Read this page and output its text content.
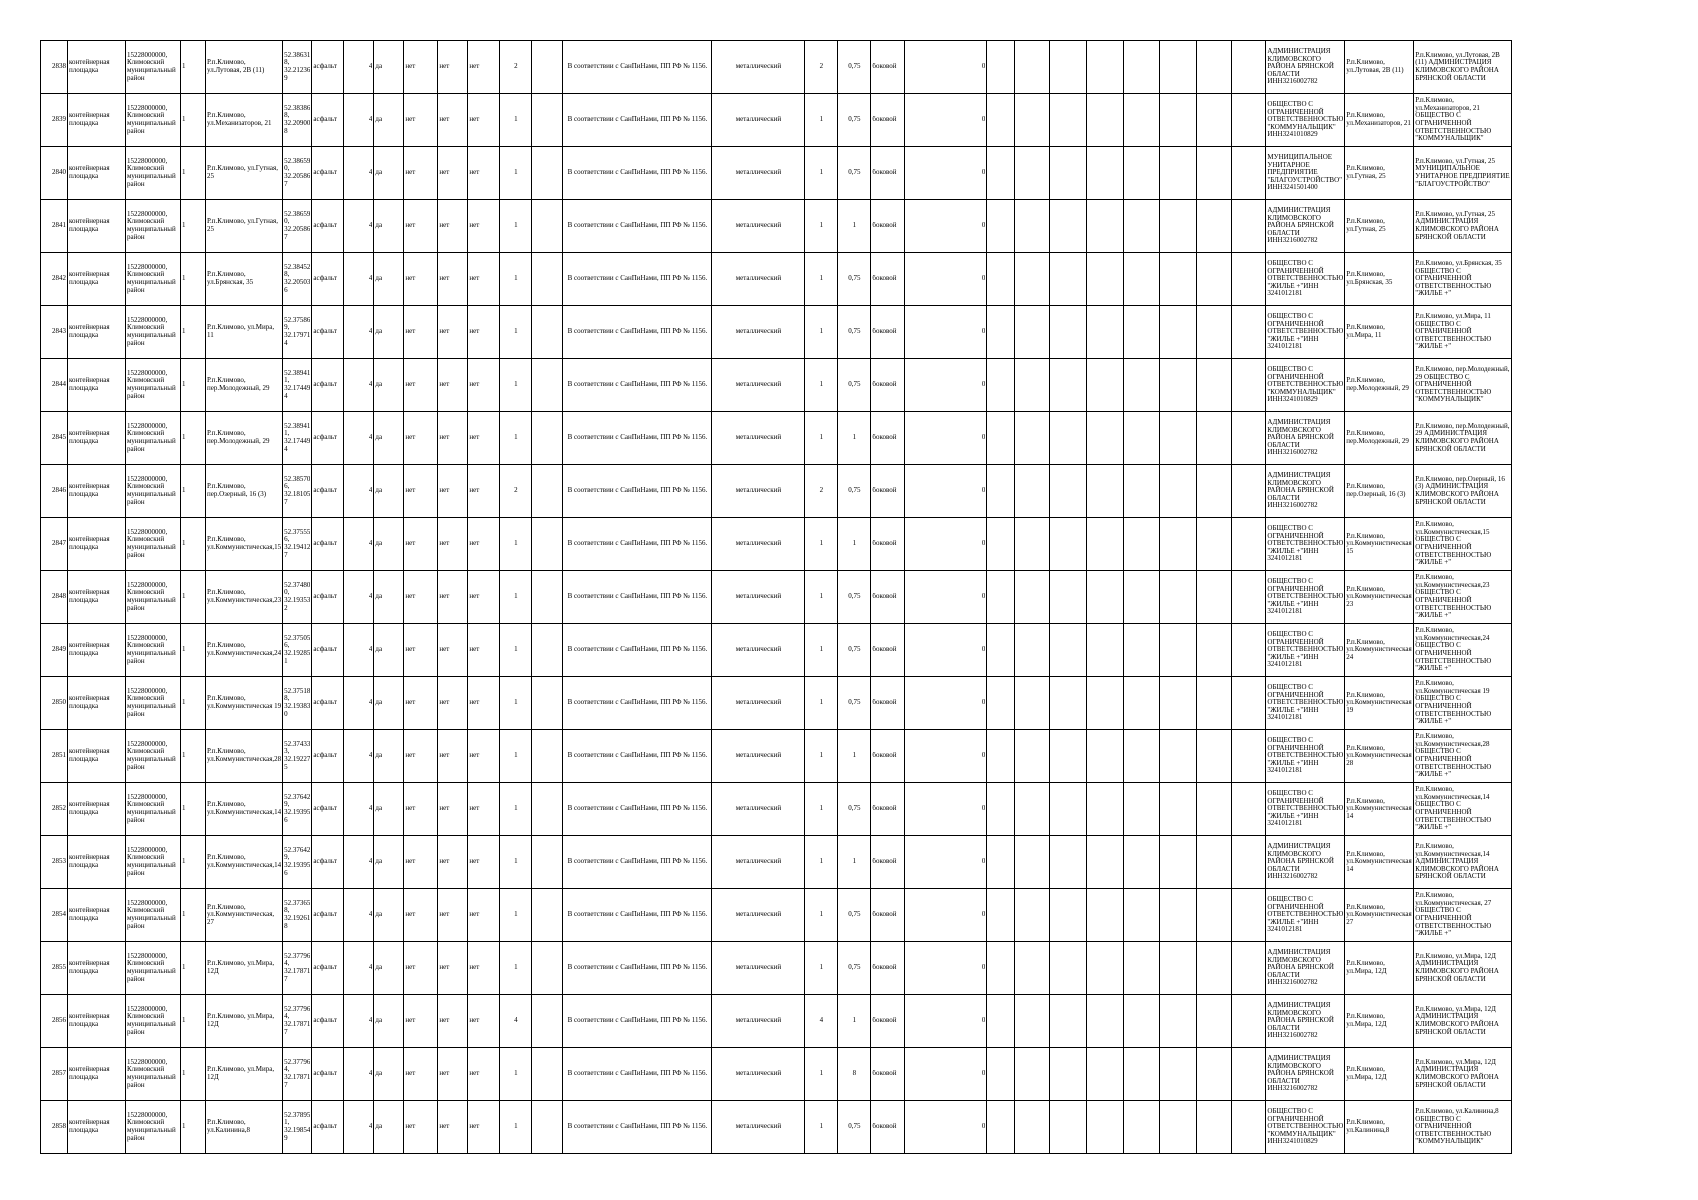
2838	контейнерная площадка	15228000000, Климовский муниципальный район	1	Р.п.Климово, ул.Лутовая, 2В (11)	52.38631 8, 32.21236 9	асфальт	4	да	нет	нет	нет	2		В соответствии с СанПиНами, ПП РФ № 1156.	металлический	2	0,75	боковой	0									АДМИНИСТРАЦИЯ КЛИМОВСКОГО РАЙОНА БРЯНСКОЙ ОБЛАСТИ ИНН3216002782	Р.п.Климово, ул.Лутовая, 2В (11)	Р.п.Климово, ул.Лутовая, 2В (11) АДМИНИСТРАЦИЯ КЛИМОВСКОГО РАЙОНА БРЯНСКОЙ ОБЛАСТИ

2839	контейнерная площадка	15228000000, Климовский муниципальный район	1	Р.п.Климово, ул.Механизаторов, 21	52.38386 8, 32.20900 8	асфальт	4	да	нет	нет	нет	1		В соответствии с СанПиНами, ПП РФ № 1156.	металлический	1	0,75	боковой	0									ОБЩЕСТВО С ОГРАНИЧЕННОЙ ОТВЕТСТВЕННОСТЬЮ "КОММУНАЛЬЩИК" ИНН3241010829	Р.п.Климово, ул.Механизаторов, 21	Р.п.Климово, ул.Механизаторов, 21 ОБЩЕСТВО С ОГРАНИЧЕННОЙ ОТВЕТСТВЕННОСТЬЮ "КОММУНАЛЬЩИК"

2840	контейнерная площадка	15228000000, Климовский муниципальный район	1	Р.п.Климово, ул.Гутная, 25	52.38659 0, 32.20586 7	асфальт	4	да	нет	нет	нет	1		В соответствии с СанПиНами, ПП РФ № 1156.	металлический	1	0,75	боковой	0									МУНИЦИПАЛЬНОЕ УНИТАРНОЕ ПРЕДПРИЯТИЕ "БЛАГОУСТРОЙСТВО" ИНН3241501400	Р.п.Климово, ул.Гутная, 25	Р.п.Климово, ул.Гутная, 25 МУНИЦИПАЛЬНОЕ УНИТАРНОЕ ПРЕДПРИЯТИЕ "БЛАГОУСТРОЙСТВО"

2841	контейнерная площадка	15228000000, Климовский муниципальный район	1	Р.п.Климово, ул.Гутная, 25	52.38659 0, 32.20586 7	асфальт	4	да	нет	нет	нет	1		В соответствии с СанПиНами, ПП РФ № 1156.	металлический	1	1	боковой	0									АДМИНИСТРАЦИЯ КЛИМОВСКОГО РАЙОНА БРЯНСКОЙ ОБЛАСТИ ИНН3216002782	Р.п.Климово, ул.Гутная, 25	Р.п.Климово, ул.Гутная, 25 АДМИНИСТРАЦИЯ КЛИМОВСКОГО РАЙОНА БРЯНСКОЙ ОБЛАСТИ

2842	контейнерная площадка	15228000000, Климовский муниципальный район	1	Р.п.Климово, ул.Брянская, 35	52.38452 8, 32.20503 6	асфальт	4	да	нет	нет	нет	1		В соответствии с СанПиНами, ПП РФ № 1156.	металлический	1	0,75	боковой	0									ОБЩЕСТВО С ОГРАНИЧЕННОЙ ОТВЕТСТВЕННОСТЬЮ "ЖИЛЬЕ +"ИНН 3241012181	Р.п.Климово, ул.Брянская, 35	Р.п.Климово, ул.Брянская, 35 ОБЩЕСТВО С ОГРАНИЧЕННОЙ ОТВЕТСТВЕННОСТЬЮ "ЖИЛЬЕ +"

2843	контейнерная площадка	15228000000, Климовский муниципальный район	1	Р.п.Климово, ул.Мира, 11	52.37586 9, 32.17971 4	асфальт	4	да	нет	нет	нет	1		В соответствии с СанПиНами, ПП РФ № 1156.	металлический	1	0,75	боковой	0									ОБЩЕСТВО С ОГРАНИЧЕННОЙ ОТВЕТСТВЕННОСТЬЮ "ЖИЛЬЕ +"ИНН 3241012181	Р.п.Климово, ул.Мира, 11	Р.п.Климово, ул.Мира, 11 ОБЩЕСТВО С ОГРАНИЧЕННОЙ ОТВЕТСТВЕННОСТЬЮ "ЖИЛЬЕ +"

2844	контейнерная площадка	15228000000, Климовский муниципальный район	1	Р.п.Климово, пер.Молодежный, 29	52.38941 1, 32.17449 4	асфальт	4	да	нет	нет	нет	1		В соответствии с СанПиНами, ПП РФ № 1156.	металлический	1	0,75	боковой	0									ОБЩЕСТВО С ОГРАНИЧЕННОЙ ОТВЕТСТВЕННОСТЬЮ "КОММУНАЛЬЩИК" ИНН3241010829	Р.п.Климово, пер.Молодежный, 29	Р.п.Климово, пер.Молодежный, 29 ОБЩЕСТВО С ОГРАНИЧЕННОЙ ОТВЕТСТВЕННОСТЬЮ "КОММУНАЛЬЩИК"

2845	контейнерная площадка	15228000000, Климовский муниципальный район	1	Р.п.Климово, пер.Молодежный, 29	52.38941 1, 32.17449 4	асфальт	4	да	нет	нет	нет	1		В соответствии с СанПиНами, ПП РФ № 1156.	металлический	1	1	боковой	0									АДМИНИСТРАЦИЯ КЛИМОВСКОГО РАЙОНА БРЯНСКОЙ ОБЛАСТИ ИНН3216002782	Р.п.Климово, пер.Молодежный, 29	Р.п.Климово, пер.Молодежный, 29 АДМИНИСТРАЦИЯ КЛИМОВСКОГО РАЙОНА БРЯНСКОЙ ОБЛАСТИ

2846	контейнерная площадка	15228000000, Климовский муниципальный район	1	Р.п.Климово, пер.Озерный, 16 (3)	52.38570 6, 32.18105 7	асфальт	4	да	нет	нет	нет	2		В соответствии с СанПиНами, ПП РФ № 1156.	металлический	2	0,75	боковой	0									АДМИНИСТРАЦИЯ КЛИМОВСКОГО РАЙОНА БРЯНСКОЙ ОБЛАСТИ ИНН3216002782	Р.п.Климово, пер.Озерный, 16 (3)	Р.п.Климово, пер.Озерный, 16 (3) АДМИНИСТРАЦИЯ КЛИМОВСКОГО РАЙОНА БРЯНСКОЙ ОБЛАСТИ

2847	контейнерная площадка	15228000000, Климовский муниципальный район	1	Р.п.Климово, ул.Коммунистическая,15	52.37555 6, 32.19412 7	асфальт	4	да	нет	нет	нет	1		В соответствии с СанПиНами, ПП РФ № 1156.	металлический	1	1	боковой	0									ОБЩЕСТВО С ОГРАНИЧЕННОЙ ОТВЕТСТВЕННОСТЬЮ "ЖИЛЬЕ +"ИНН 3241012181	Р.п.Климово, ул.Коммунистическая 15	Р.п.Климово, ул.Коммунистическая,15 ОБЩЕСТВО С ОГРАНИЧЕННОЙ ОТВЕТСТВЕННОСТЬЮ "ЖИЛЬЕ +"

2848	контейнерная площадка	15228000000, Климовский муниципальный район	1	Р.п.Климово, ул.Коммунистическая,23	52.37480 0, 32.19353 2	асфальт	4	да	нет	нет	нет	1		В соответствии с СанПиНами, ПП РФ № 1156.	металлический	1	0,75	боковой	0									ОБЩЕСТВО С ОГРАНИЧЕННОЙ ОТВЕТСТВЕННОСТЬЮ "ЖИЛЬЕ +"ИНН 3241012181	Р.п.Климово, ул.Коммунистическая 23	Р.п.Климово, ул.Коммунистическая,23 ОБЩЕСТВО С ОГРАНИЧЕННОЙ ОТВЕТСТВЕННОСТЬЮ "ЖИЛЬЕ +"

2849	контейнерная площадка	15228000000, Климовский муниципальный район	1	Р.п.Климово, ул.Коммунистическая,24	52.37505 6, 32.19285 1	асфальт	4	да	нет	нет	нет	1		В соответствии с СанПиНами, ПП РФ № 1156.	металлический	1	0,75	боковой	0									ОБЩЕСТВО С ОГРАНИЧЕННОЙ ОТВЕТСТВЕННОСТЬЮ "ЖИЛЬЕ +"ИНН 3241012181	Р.п.Климово, ул.Коммунистическая 24	Р.п.Климово, ул.Коммунистическая,24 ОБЩЕСТВО С ОГРАНИЧЕННОЙ ОТВЕТСТВЕННОСТЬЮ "ЖИЛЬЕ +"

2850	контейнерная площадка	15228000000, Климовский муниципальный район	1	Р.п.Климово, ул.Коммунистическая 19	52.37518 8, 32.19383 0	асфальт	4	да	нет	нет	нет	1		В соответствии с СанПиНами, ПП РФ № 1156.	металлический	1	0,75	боковой	0									ОБЩЕСТВО С ОГРАНИЧЕННОЙ ОТВЕТСТВЕННОСТЬЮ "ЖИЛЬЕ +"ИНН 3241012181	Р.п.Климово, ул.Коммунистическая 19	Р.п.Климово, ул.Коммунистическая 19 ОБЩЕСТВО С ОГРАНИЧЕННОЙ ОТВЕТСТВЕННОСТЬЮ "ЖИЛЬЕ +"

2851	контейнерная площадка	15228000000, Климовский муниципальный район	1	Р.п.Климово, ул.Коммунистическая,28	52.37433 3, 32.19227 5	асфальт	4	да	нет	нет	нет	1		В соответствии с СанПиНами, ПП РФ № 1156.	металлический	1	1	боковой	0									ОБЩЕСТВО С ОГРАНИЧЕННОЙ ОТВЕТСТВЕННОСТЬЮ "ЖИЛЬЕ +"ИНН 3241012181	Р.п.Климово, ул.Коммунистическая 28	Р.п.Климово, ул.Коммунистическая,28 ОБЩЕСТВО С ОГРАНИЧЕННОЙ ОТВЕТСТВЕННОСТЬЮ "ЖИЛЬЕ +"

2852	контейнерная площадка	15228000000, Климовский муниципальный район	1	Р.п.Климово, ул.Коммунистическая,14	52.37642 9, 32.19395 6	асфальт	4	да	нет	нет	нет	1		В соответствии с СанПиНами, ПП РФ № 1156.	металлический	1	0,75	боковой	0									ОБЩЕСТВО С ОГРАНИЧЕННОЙ ОТВЕТСТВЕННОСТЬЮ "ЖИЛЬЕ +"ИНН 3241012181	Р.п.Климово, ул.Коммунистическая 14	Р.п.Климово, ул.Коммунистическая,14 ОБЩЕСТВО С ОГРАНИЧЕННОЙ ОТВЕТСТВЕННОСТЬЮ "ЖИЛЬЕ +"

2853	контейнерная площадка	15228000000, Климовский муниципальный район	1	Р.п.Климово, ул.Коммунистическая,14	52.37642 9, 32.19395 6	асфальт	4	да	нет	нет	нет	1		В соответствии с СанПиНами, ПП РФ № 1156.	металлический	1	1	боковой	0									АДМИНИСТРАЦИЯ КЛИМОВСКОГО РАЙОНА БРЯНСКОЙ ОБЛАСТИ ИНН3216002782	Р.п.Климово, ул.Коммунистическая 14	Р.п.Климово, ул.Коммунистическая,14 АДМИНИСТРАЦИЯ КЛИМОВСКОГО РАЙОНА БРЯНСКОЙ ОБЛАСТИ

2854	контейнерная площадка	15228000000, Климовский муниципальный район	1	Р.п.Климово, ул.Коммунистическая, 27	52.37365 8, 32.19261 8	асфальт	4	да	нет	нет	нет	1		В соответствии с СанПиНами, ПП РФ № 1156.	металлический	1	0,75	боковой	0									ОБЩЕСТВО С ОГРАНИЧЕННОЙ ОТВЕТСТВЕННОСТЬЮ "ЖИЛЬЕ +"ИНН 3241012181	Р.п.Климово, ул.Коммунистическая 27	Р.п.Климово, ул.Коммунистическая, 27 ОБЩЕСТВО С ОГРАНИЧЕННОЙ ОТВЕТСТВЕННОСТЬЮ "ЖИЛЬЕ +"

2855	контейнерная площадка	15228000000, Климовский муниципальный район	1	Р.п.Климово, ул.Мира, 12Д	52.37796 4, 32.17871 7	асфальт	4	да	нет	нет	нет	1		В соответствии с СанПиНами, ПП РФ № 1156.	металлический	1	0,75	боковой	0									АДМИНИСТРАЦИЯ КЛИМОВСКОГО РАЙОНА БРЯНСКОЙ ОБЛАСТИ ИНН3216002782	Р.п.Климово, ул.Мира, 12Д	Р.п.Климово, ул.Мира, 12Д АДМИНИСТРАЦИЯ КЛИМОВСКОГО РАЙОНА БРЯНСКОЙ ОБЛАСТИ

2856	контейнерная площадка	15228000000, Климовский муниципальный район	1	Р.п.Климово, ул.Мира, 12Д	52.37796 4, 32.17871 7	асфальт	4	да	нет	нет	нет	4		В соответствии с СанПиНами, ПП РФ № 1156.	металлический	4	1	боковой	0									АДМИНИСТРАЦИЯ КЛИМОВСКОГО РАЙОНА БРЯНСКОЙ ОБЛАСТИ ИНН3216002782	Р.п.Климово, ул.Мира, 12Д	Р.п.Климово, ул.Мира, 12Д АДМИНИСТРАЦИЯ КЛИМОВСКОГО РАЙОНА БРЯНСКОЙ ОБЛАСТИ

2857	контейнерная площадка	15228000000, Климовский муниципальный район	1	Р.п.Климово, ул.Мира, 12Д	52.37796 4, 32.17871 7	асфальт	4	да	нет	нет	нет	1		В соответствии с СанПиНами, ПП РФ № 1156.	металлический	1	8	боковой	0									АДМИНИСТРАЦИЯ КЛИМОВСКОГО РАЙОНА БРЯНСКОЙ ОБЛАСТИ ИНН3216002782	Р.п.Климово, ул.Мира, 12Д	Р.п.Климово, ул.Мира, 12Д АДМИНИСТРАЦИЯ КЛИМОВСКОГО РАЙОНА БРЯНСКОЙ ОБЛАСТИ

2858	контейнерная площадка	15228000000, Климовский муниципальный район	1	Р.п.Климово, ул.Калинина,8	52.37895 1, 32.19854 9	асфальт	4	да	нет	нет	нет	1		В соответствии с СанПиНами, ПП РФ № 1156.	металлический	1	0,75	боковой	0									ОБЩЕСТВО С ОГРАНИЧЕННОЙ ОТВЕТСТВЕННОСТЬЮ "КОММУНАЛЬЩИК" ИНН3241010829	Р.п.Климово, ул.Калинина,8	Р.п.Климово, ул.Калинина,8 ОБЩЕСТВО С ОГРАНИЧЕННОЙ ОТВЕТСТВЕННОСТЬЮ "КОММУНАЛЬЩИК"
